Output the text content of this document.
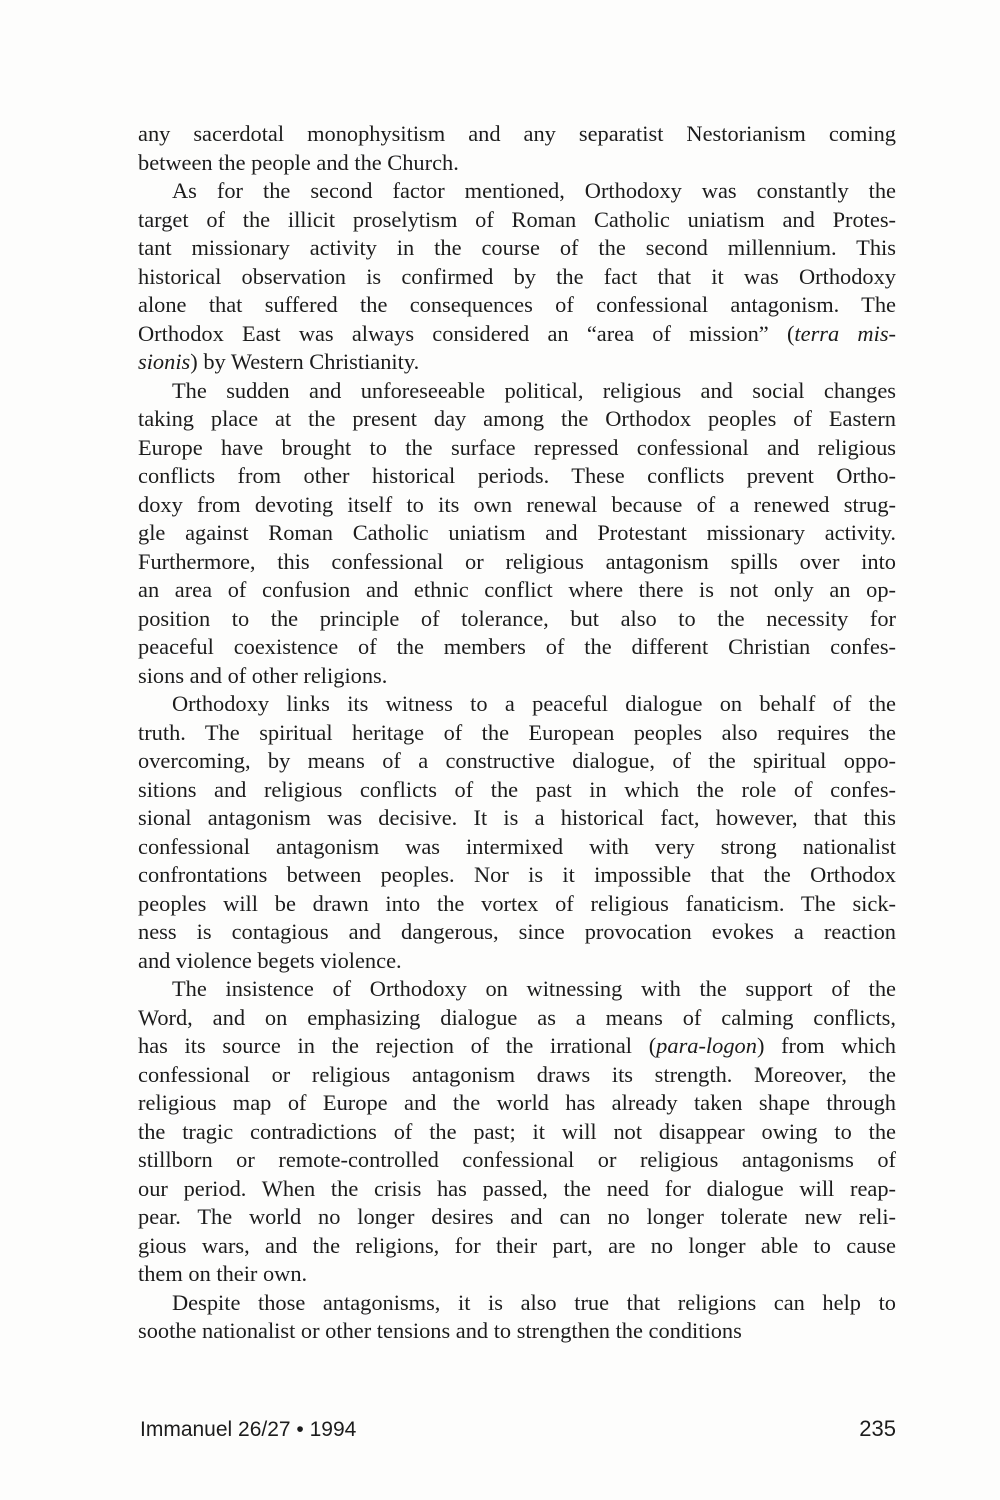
any sacerdotal monophysitism and any separatist Nestorianism coming
between the people and the Church.
As for the second factor mentioned, Orthodoxy was constantly the
target of the illicit proselytism of Roman Catholic uniatism and Protes-
tant missionary activity in the course of the second millennium. This
historical observation is confirmed by the fact that it was Orthodoxy
alone that suffered the consequences of confessional antagonism. The
Orthodox East was always considered an “area of mission” (terra mis-
sionis) by Western Christianity.
The sudden and unforeseeable political, religious and social changes
taking place at the present day among the Orthodox peoples of Eastern
Europe have brought to the surface repressed confessional and religious
conflicts from other historical periods. These conflicts prevent Ortho-
doxy from devoting itself to its own renewal because of a renewed strug-
gle against Roman Catholic uniatism and Protestant missionary activity.
Furthermore, this confessional or religious antagonism spills over into
an area of confusion and ethnic conflict where there is not only an op-
position to the principle of tolerance, but also to the necessity for
peaceful coexistence of the members of the different Christian confes-
sions and of other religions.
Orthodoxy links its witness to a peaceful dialogue on behalf of the
truth. The spiritual heritage of the European peoples also requires the
overcoming, by means of a constructive dialogue, of the spiritual oppo-
sitions and religious conflicts of the past in which the role of confes-
sional antagonism was decisive. It is a historical fact, however, that this
confessional antagonism was intermixed with very strong nationalist
confrontations between peoples. Nor is it impossible that the Orthodox
peoples will be drawn into the vortex of religious fanaticism. The sick-
ness is contagious and dangerous, since provocation evokes a reaction
and violence begets violence.
The insistence of Orthodoxy on witnessing with the support of the
Word, and on emphasizing dialogue as a means of calming conflicts,
has its source in the rejection of the irrational (para-logon) from which
confessional or religious antagonism draws its strength. Moreover, the
religious map of Europe and the world has already taken shape through
the tragic contradictions of the past; it will not disappear owing to the
stillborn or remote-controlled confessional or religious antagonisms of
our period. When the crisis has passed, the need for dialogue will reap-
pear. The world no longer desires and can no longer tolerate new reli-
gious wars, and the religions, for their part, are no longer able to cause
them on their own.
Despite those antagonisms, it is also true that religions can help to
soothe nationalist or other tensions and to strengthen the conditions
Immanuel 26/27 • 1994	235
